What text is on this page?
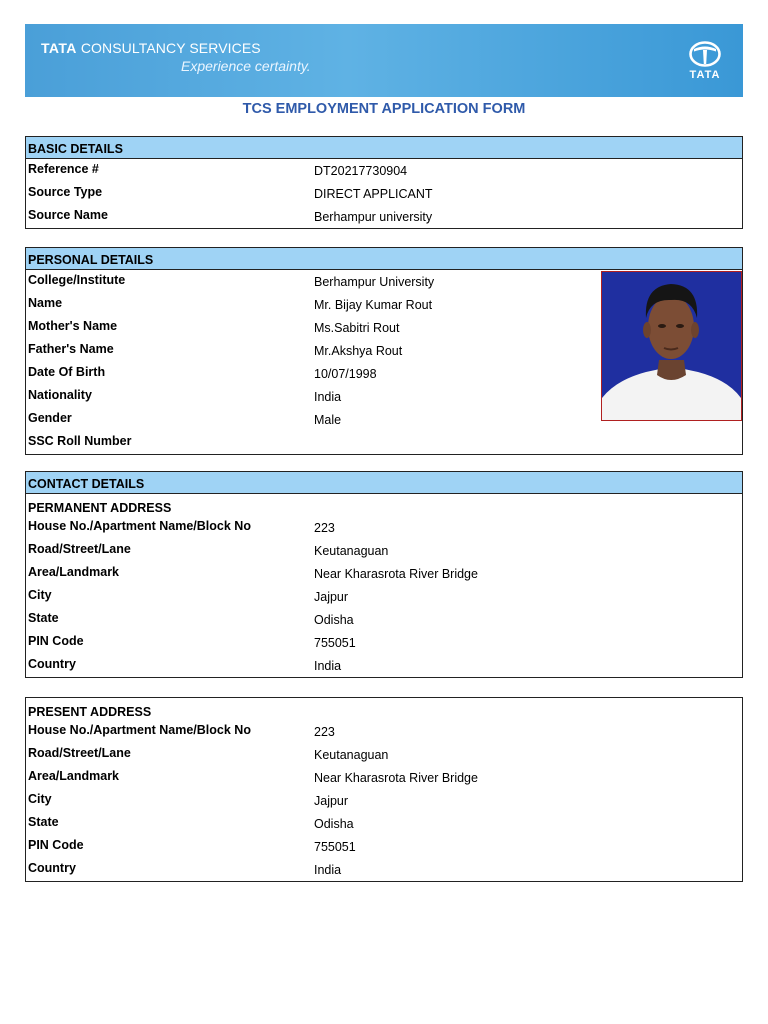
TATA CONSULTANCY SERVICES
Experience certainty.
TATA
TCS EMPLOYMENT APPLICATION FORM
BASIC DETAILS
Reference #	DT20217730904
Source Type	DIRECT APPLICANT
Source Name	Berhampur university
PERSONAL DETAILS
College/Institute	Berhampur University
Name	Mr. Bijay Kumar Rout
Mother's Name	Ms.Sabitri Rout
Father's Name	Mr.Akshya Rout
Date Of Birth	10/07/1998
Nationality	India
Gender	Male
SSC Roll Number
CONTACT DETAILS
PERMANENT ADDRESS
House No./Apartment Name/Block No	223
Road/Street/Lane	Keutanaguan
Area/Landmark	Near Kharasrota River Bridge
City	Jajpur
State	Odisha
PIN Code	755051
Country	India
PRESENT ADDRESS
House No./Apartment Name/Block No	223
Road/Street/Lane	Keutanaguan
Area/Landmark	Near Kharasrota River Bridge
City	Jajpur
State	Odisha
PIN Code	755051
Country	India
